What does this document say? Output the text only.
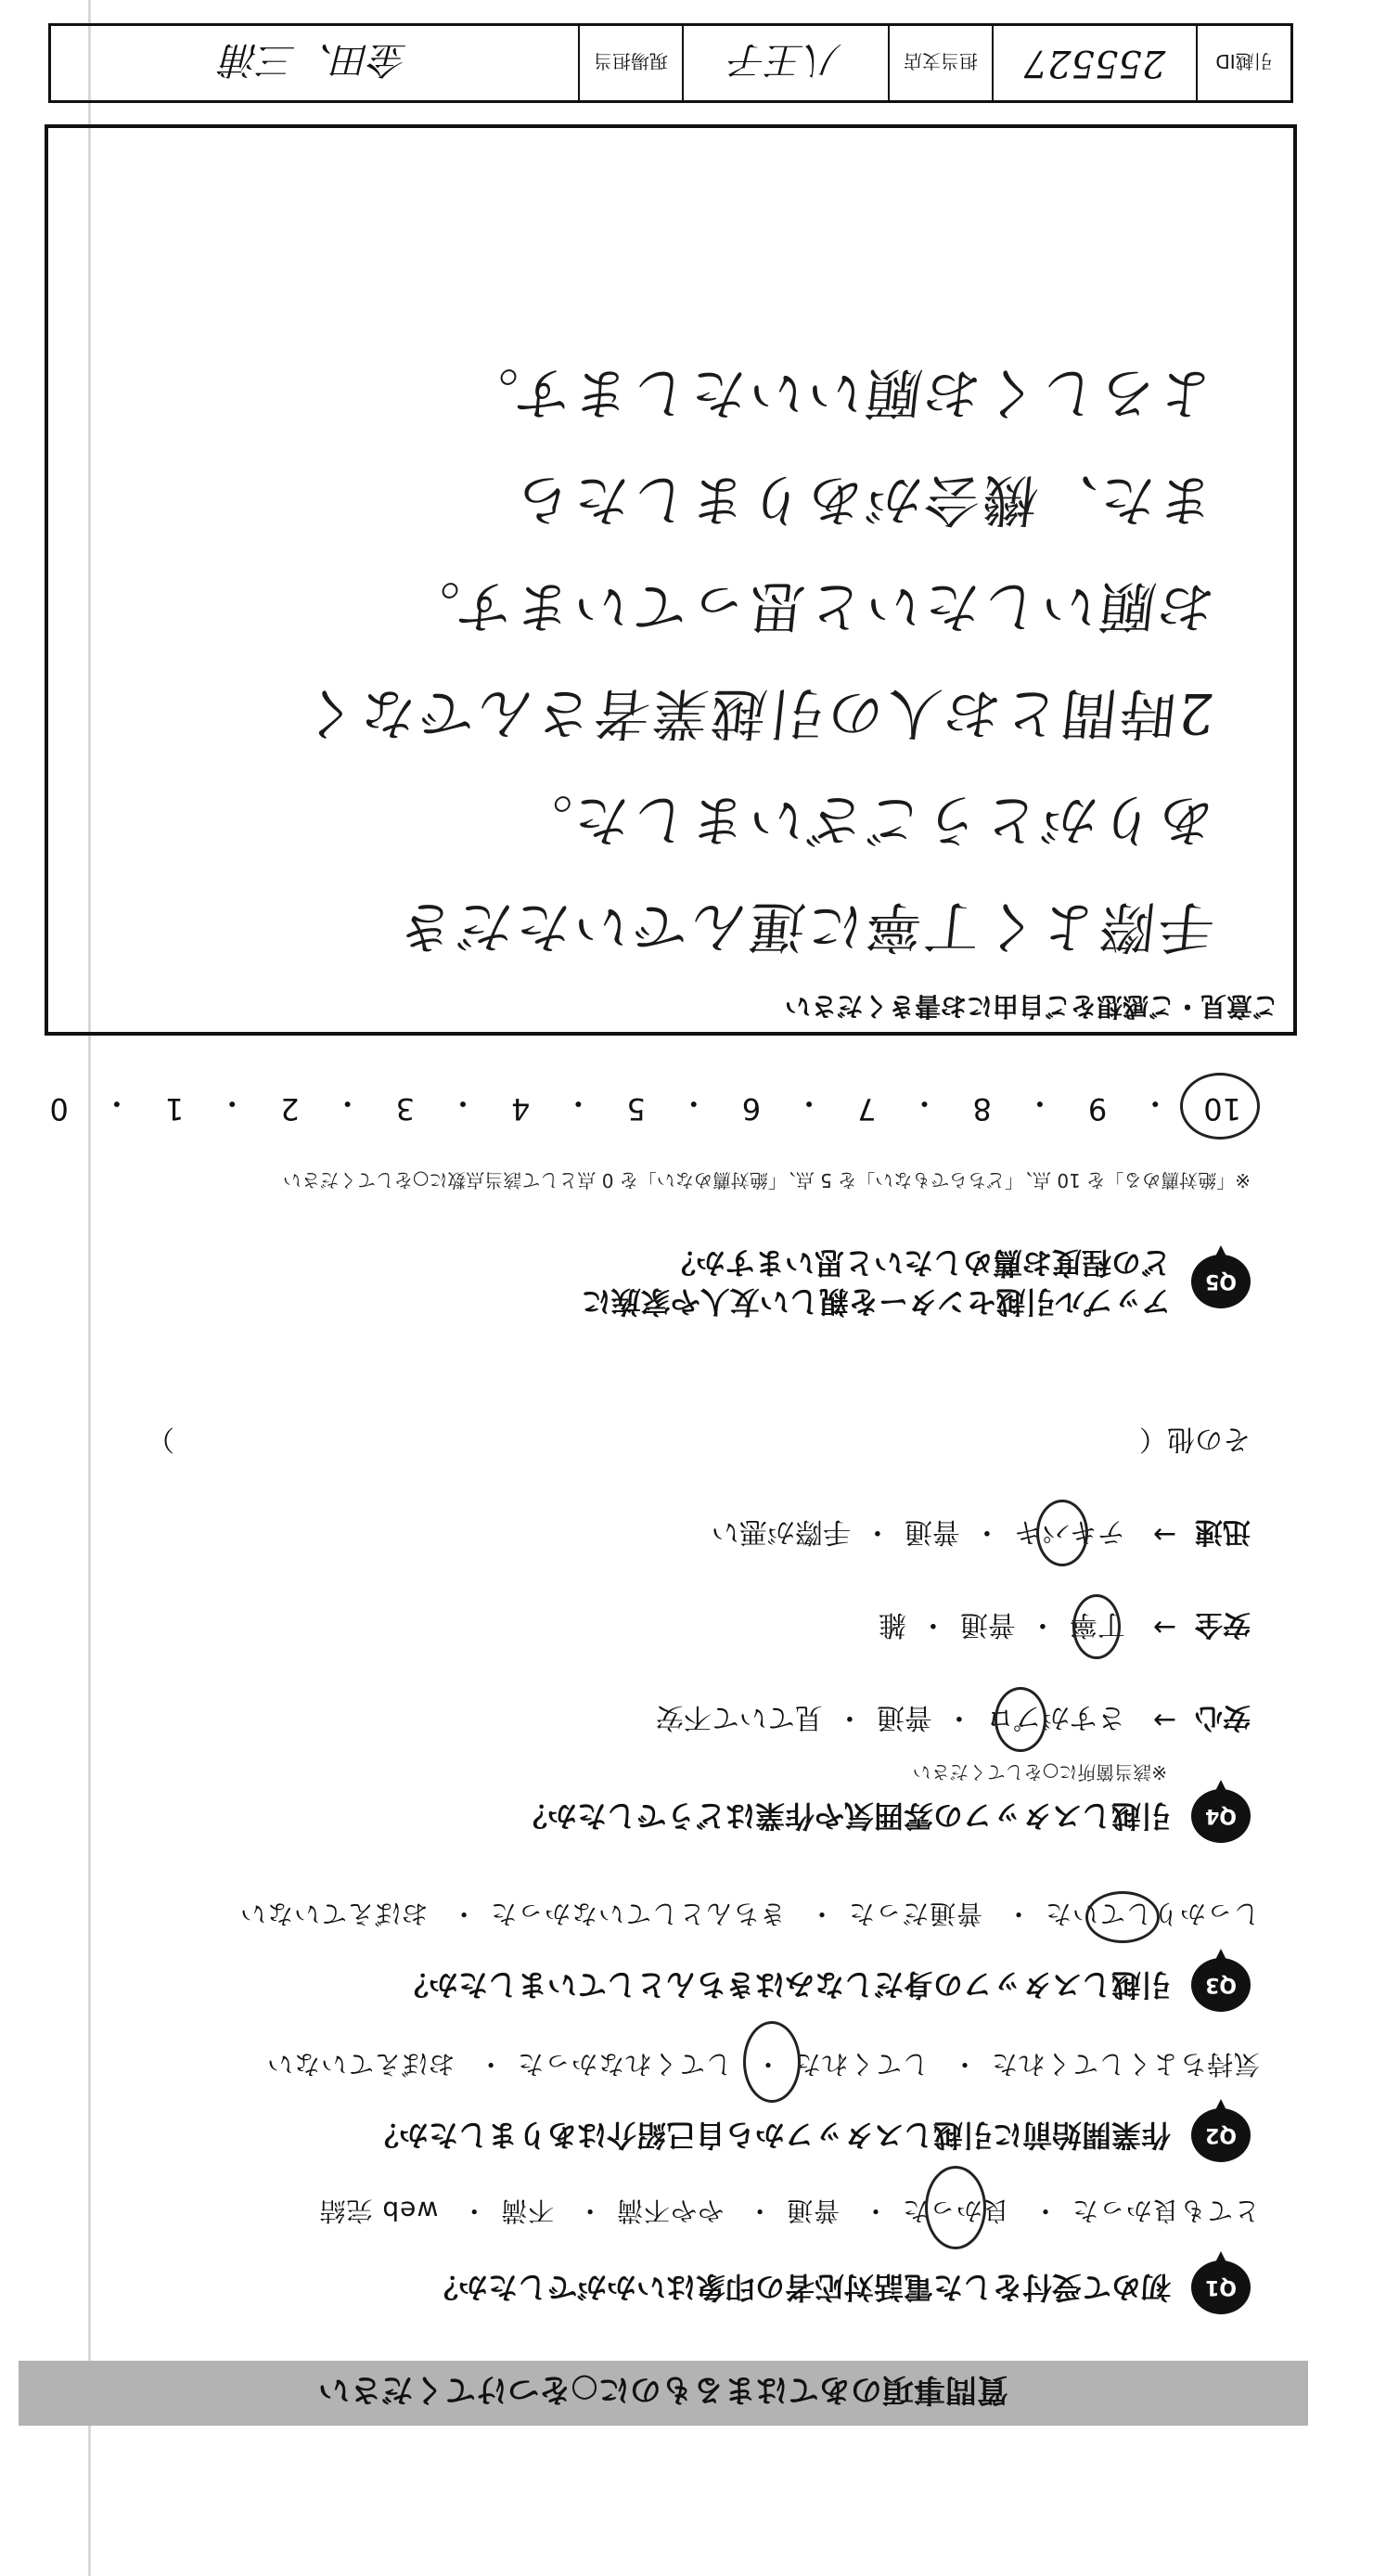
質問事項のあてはまるものに○をつけてください
Q1
初めて受付をした電話対応者の印象はいかがでしたか？
とても良かった・ 良かった・ 普通・ やや不満・ 不満・ web 完結
Q2
作業開始前に引越しスタッフから自己紹介はありましたか？
気持ちよくしてくれた・ してくれた・ してくれなかった・ おぼえていない
Q3
引越しスタッフの身だしなみはきちんとしていましたか？
しっかりしていた・ 普通だった・ きちんとしていなかった・ おぼえていない
Q4
引越しスタッフの雰囲気や作業はどうでしたか？
※該当箇所に○をしてください
安心
→
さすがプロ
・
普通
・
見ていて不安
安全
→
丁寧
・
普通
・
雑
迅速
→
テキパキ
・
普通
・
手際が悪い
その他（
）
Q5
アップル引越センターを親しい友人や家族に
どの程度お薦めしたいと思いますか？
※「絶対薦める」を 10 点、「どちらでもない」を 5 点、「絶対薦めない」を 0 点として該当点数に○をしてください
10
・
9
・
8
・
7
・
6
・
5
・
4
・
3
・
2
・
1
・
0
ご意見・ご感想をご自由にお書きください
手際よく丁寧に運んでいただき
ありがとうございました。
2時間とお人の引越業者さんでなく
お願いしたいと思っています。
また、機会がありましたら
よろしくお願いいたします。
引越ID
255527
担当支店
八王子
現場担当
金田、三浦
